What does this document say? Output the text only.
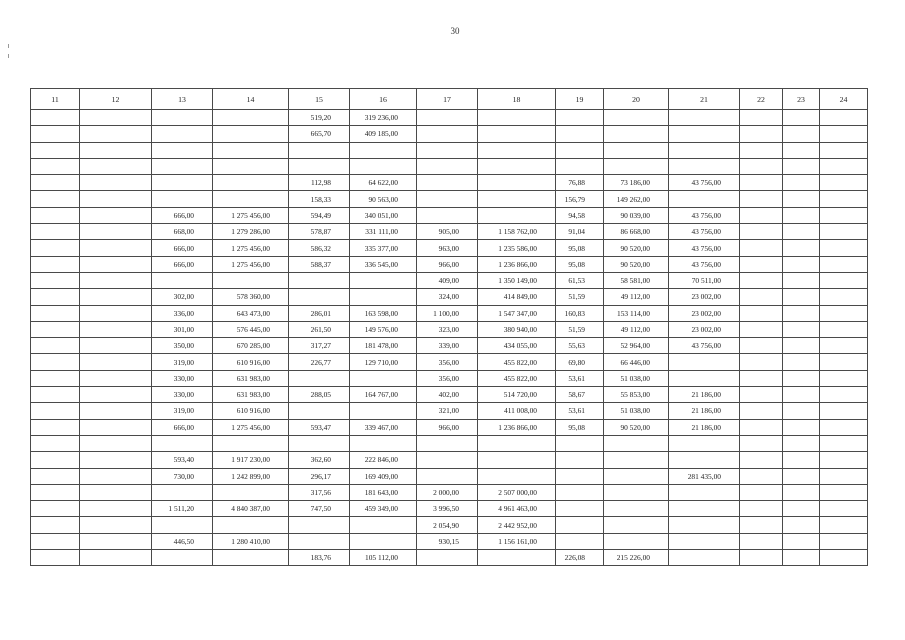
30
11	12	13	14	15	16	17	18	19	20	21	22	23	24
				519,20	319 236,00								
				665,70	409 185,00								

				112,98	64 622,00			76,88	73 186,00	43 756,00			
				158,33	90 563,00			156,79	149 262,00				
		666,00	1 275 456,00	594,49	340 051,00			94,58	90 039,00	43 756,00			
		668,00	1 279 286,00	578,87	331 111,00	905,00	1 158 762,00	91,04	86 668,00	43 756,00			
		666,00	1 275 456,00	586,32	335 377,00	963,00	1 235 586,00	95,08	90 520,00	43 756,00			
		666,00	1 275 456,00	588,37	336 545,00	966,00	1 236 866,00	95,08	90 520,00	43 756,00			
						409,00	1 350 149,00	61,53	58 581,00	70 511,00			
		302,00	578 360,00			324,00	414 849,00	51,59	49 112,00	23 002,00			
		336,00	643 473,00	286,01	163 598,00	1 100,00	1 547 347,00	160,83	153 114,00	23 002,00			
		301,00	576 445,00	261,50	149 576,00	323,00	380 940,00	51,59	49 112,00	23 002,00			
		350,00	670 285,00	317,27	181 478,00	339,00	434 055,00	55,63	52 964,00	43 756,00			
		319,00	610 916,00	226,77	129 710,00	356,00	455 822,00	69,80	66 446,00				
		330,00	631 983,00			356,00	455 822,00	53,61	51 038,00				
		330,00	631 983,00	288,05	164 767,00	402,00	514 720,00	58,67	55 853,00	21 186,00			
		319,00	610 916,00			321,00	411 008,00	53,61	51 038,00	21 186,00			
		666,00	1 275 456,00	593,47	339 467,00	966,00	1 236 866,00	95,08	90 520,00	21 186,00			

		593,40	1 917 230,00	362,60	222 846,00								
		730,00	1 242 899,00	296,17	169 409,00					281 435,00			
				317,56	181 643,00	2 000,00	2 507 000,00						
		1 511,20	4 840 387,00	747,50	459 349,00	3 996,50	4 961 463,00						
						2 054,90	2 442 952,00						
		446,50	1 280 410,00			930,15	1 156 161,00						
				183,76	105 112,00			226,08	215 226,00				
